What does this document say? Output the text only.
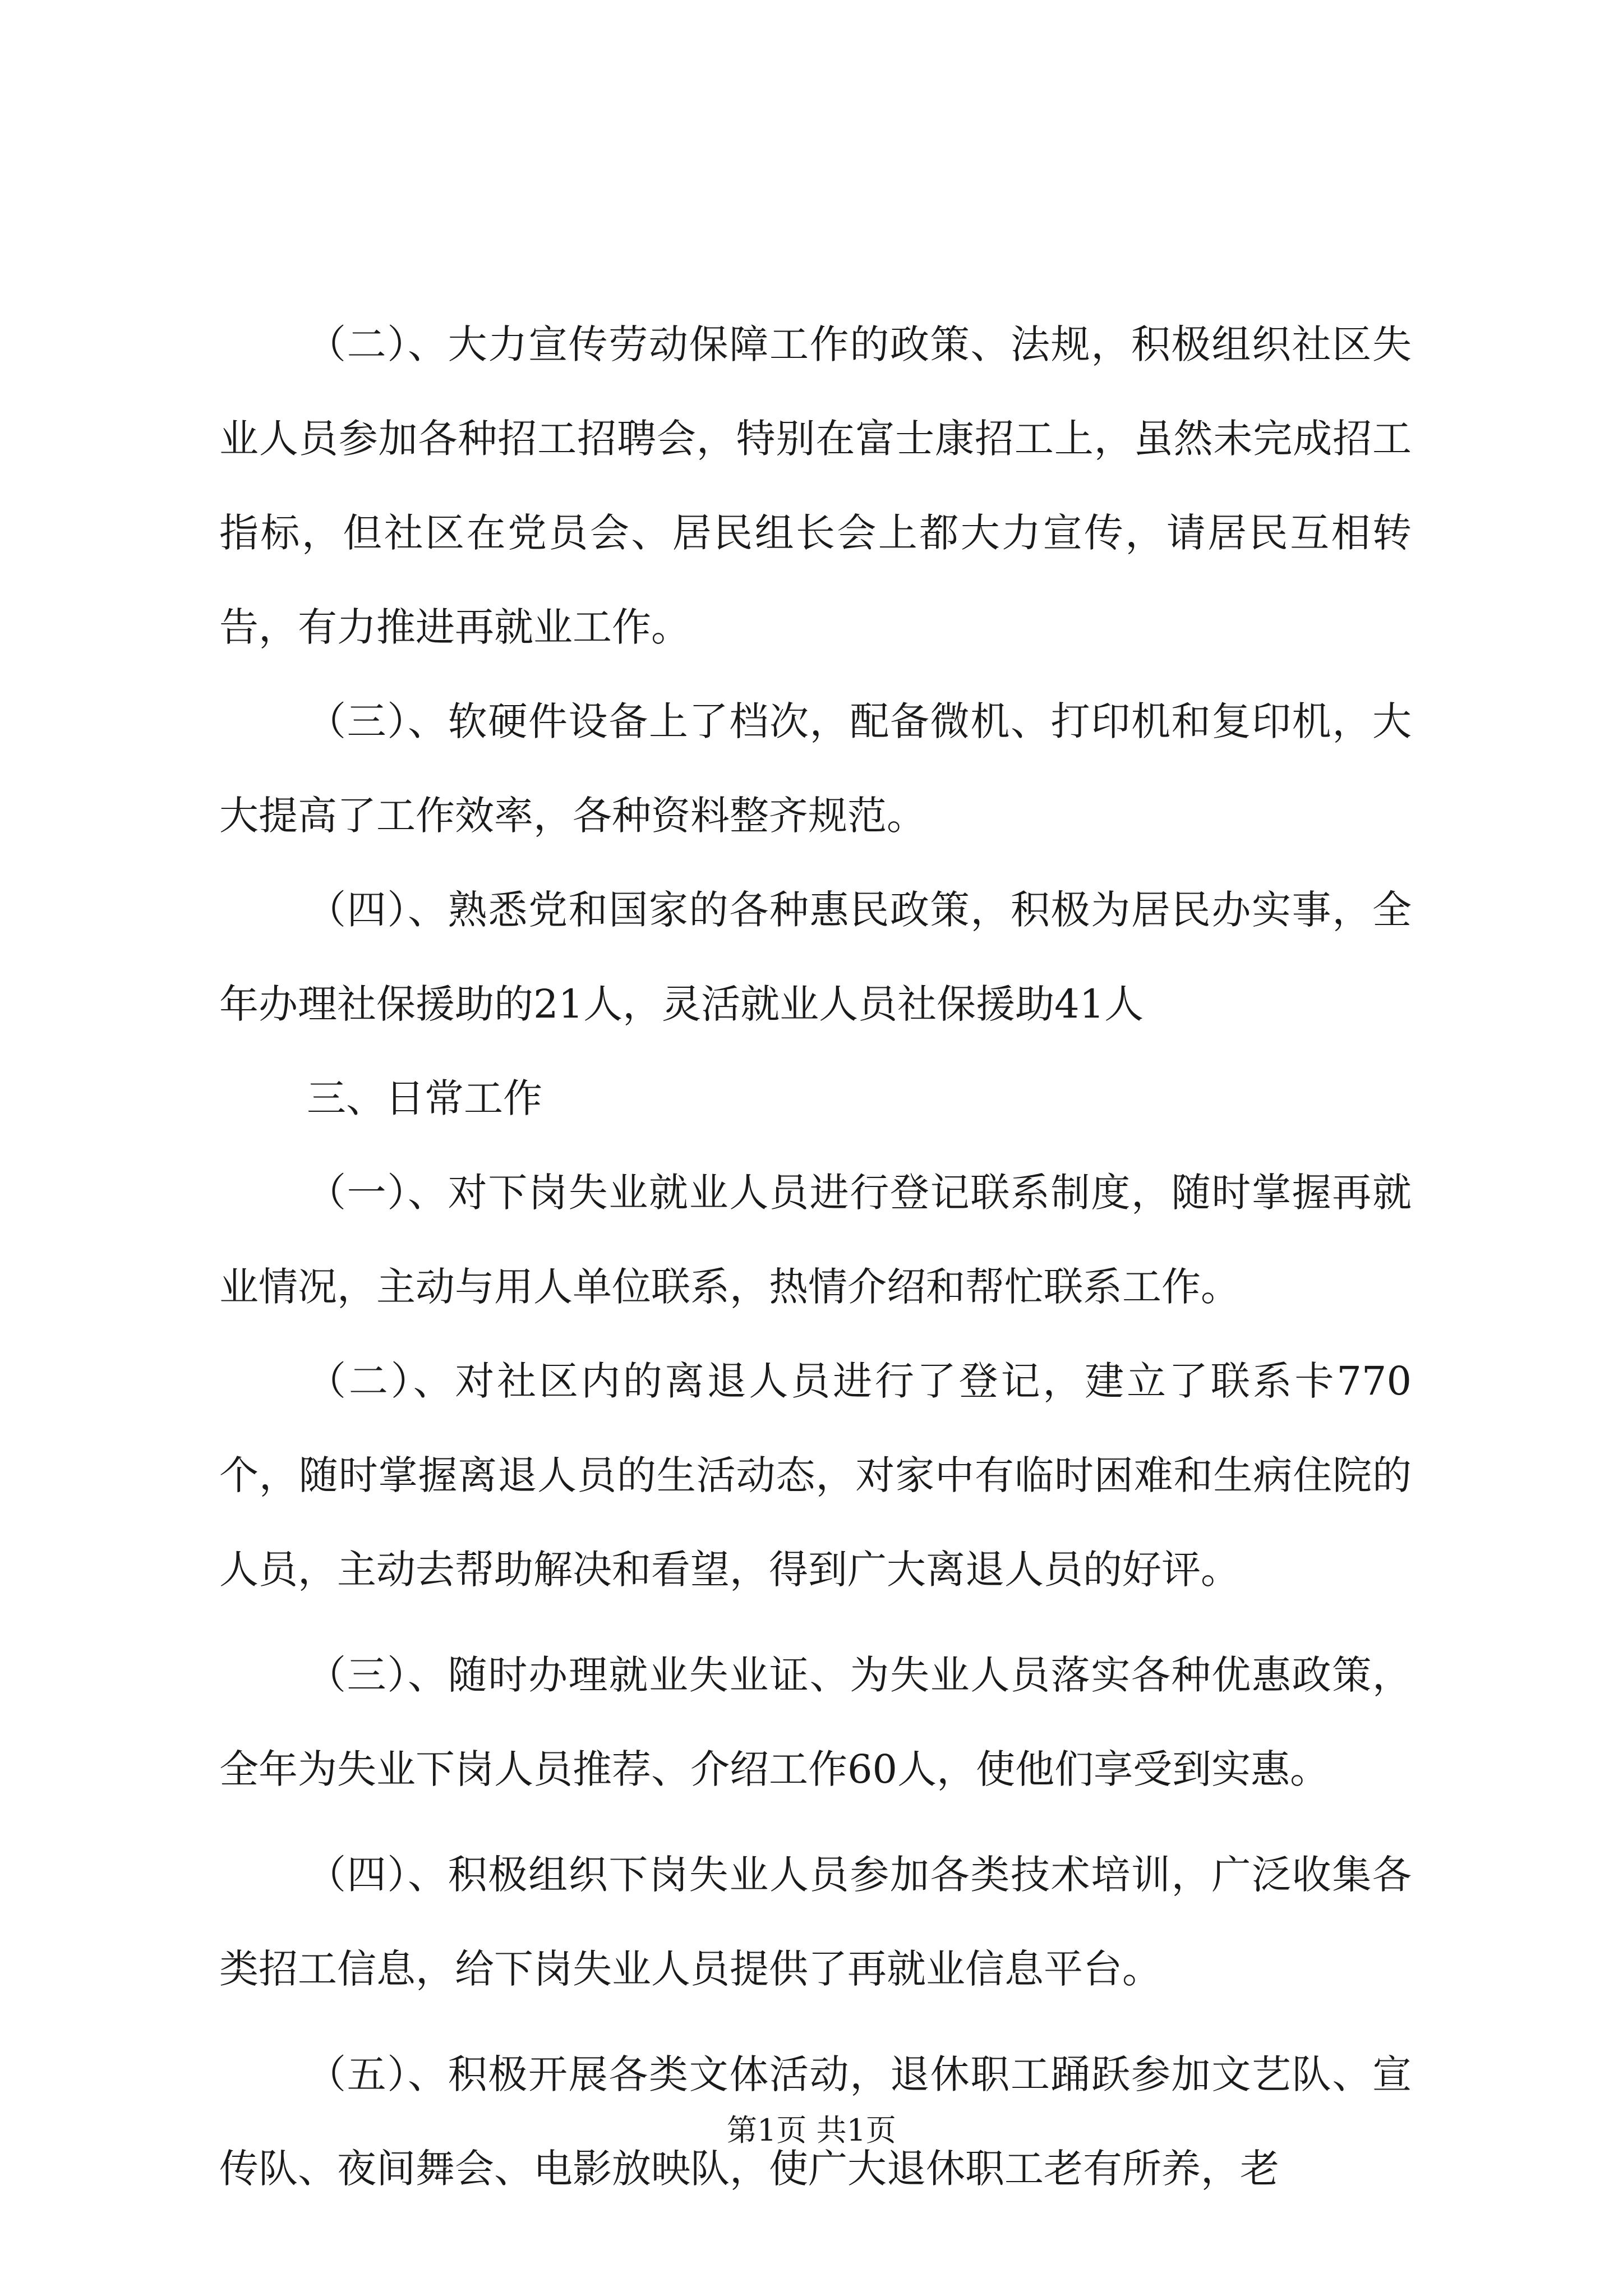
（二）、大力宣传劳动保障工作的政策、法规，积极组织社区失业人员参加各种招工招聘会，特别在富士康招工上，虽然未完成招工指标，但社区在党员会、居民组长会上都大力宣传，请居民互相转告，有力推进再就业工作。

（三）、软硬件设备上了档次，配备微机、打印机和复印机，大大提高了工作效率，各种资料整齐规范。

（四）、熟悉党和国家的各种惠民政策，积极为居民办实事，全年办理社保援助的21人，灵活就业人员社保援助41人

三、日常工作

（一）、对下岗失业就业人员进行登记联系制度，随时掌握再就业情况，主动与用人单位联系，热情介绍和帮忙联系工作。

（二）、对社区内的离退人员进行了登记，建立了联系卡770个，随时掌握离退人员的生活动态，对家中有临时困难和生病住院的人员，主动去帮助解决和看望，得到广大离退人员的好评。

（三）、随时办理就业失业证、为失业人员落实各种优惠政策，全年为失业下岗人员推荐、介绍工作60人，使他们享受到实惠。

（四）、积极组织下岗失业人员参加各类技术培训，广泛收集各类招工信息，给下岗失业人员提供了再就业信息平台。

（五）、积极开展各类文体活动，退休职工踊跃参加文艺队、宣传队、夜间舞会、电影放映队，使广大退休职工老有所养，老

第1页 共1页
